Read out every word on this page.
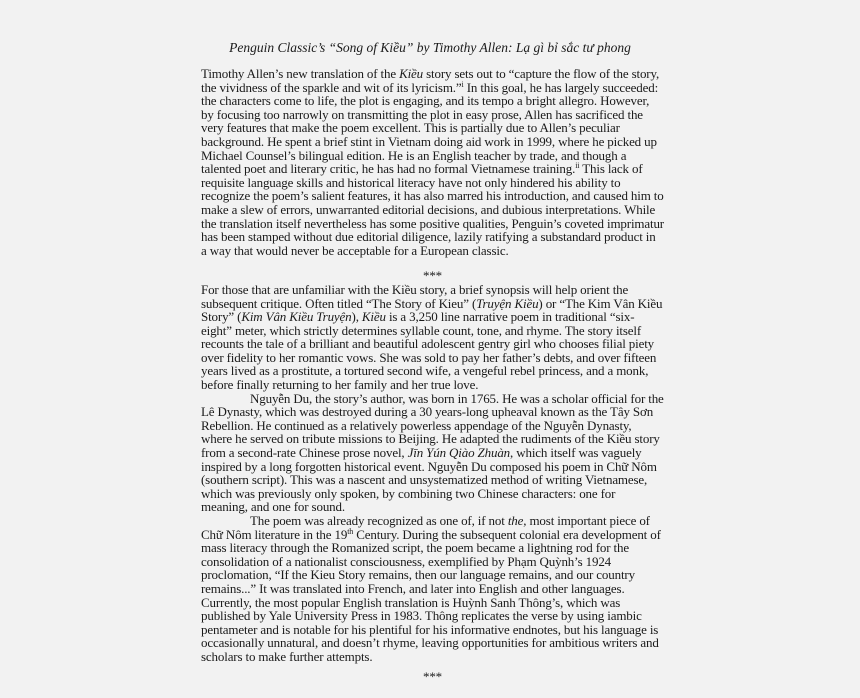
Penguin Classic’s “Song of Kiều” by Timothy Allen: Lạ gì bỉ sắc tư phong

Timothy Allen’s new translation of the Kiều story sets out to “capture the flow of the story, the vividness of the sparkle and wit of its lyricism.”$^i$ In this goal, he has largely succeeded: the characters come to life, the plot is engaging, and its tempo a bright allegro. However, by focusing too narrowly on transmitting the plot in easy prose, Allen has sacrificed the very features that make the poem excellent. This is partially due to Allen’s peculiar background. He spent a brief stint in Vietnam doing aid work in 1999, where he picked up Michael Counsel’s bilingual edition. He is an English teacher by trade, and though a talented poet and literary critic, he has had no formal Vietnamese training.$^{ii}$ This lack of requisite language skills and historical literacy have not only hindered his ability to recognize the poem’s salient features, it has also marred his introduction, and caused him to make a slew of errors, unwarranted editorial decisions, and dubious interpretations. While the translation itself nevertheless has some positive qualities, Penguin’s coveted imprimatur has been stamped without due editorial diligence, lazily ratifying a substandard product in a way that would never be acceptable for a European classic.

***

For those that are unfamiliar with the Kiều story, a brief synopsis will help orient the subsequent critique. Often titled “The Story of Kieu” (Truyện Kiều) or “The Kim Vân Kiều Story” (Kim Vân Kiều Truyện), Kiều is a 3,250 line narrative poem in traditional “six-eight” meter, which strictly determines syllable count, tone, and rhyme. The story itself recounts the tale of a brilliant and beautiful adolescent gentry girl who chooses filial piety over fidelity to her romantic vows. She was sold to pay her father’s debts, and over fifteen years lived as a prostitute, a tortured second wife, a vengeful rebel princess, and a monk, before finally returning to her family and her true love.

Nguyễn Du, the story’s author, was born in 1765. He was a scholar official for the Lê Dynasty, which was destroyed during a 30 years-long upheaval known as the Tây Sơn Rebellion. He continued as a relatively powerless appendage of the Nguyễn Dynasty, where he served on tribute missions to Beijing. He adapted the rudiments of the Kiều story from a second-rate Chinese prose novel, Jīn Yún Qiào Zhuàn, which itself was vaguely inspired by a long forgotten historical event. Nguyễn Du composed his poem in Chữ Nôm (southern script). This was a nascent and unsystematized method of writing Vietnamese, which was previously only spoken, by combining two Chinese characters: one for meaning, and one for sound.

The poem was already recognized as one of, if not the, most important piece of Chữ Nôm literature in the 19th Century. During the subsequent colonial era development of mass literacy through the Romanized script, the poem became a lightning rod for the consolidation of a nationalist consciousness, exemplified by Phạm Quỳnh’s 1924 proclomation, “If the Kieu Story remains, then our language remains, and our country remains...” It was translated into French, and later into English and other languages. Currently, the most popular English translation is Huỳnh Sanh Thông’s, which was published by Yale University Press in 1983. Thông replicates the verse by using iambic pentameter and is notable for his plentiful for his informative endnotes, but his language is occasionally unnatural, and doesn’t rhyme, leaving opportunities for ambitious writers and scholars to make further attempts.

***
